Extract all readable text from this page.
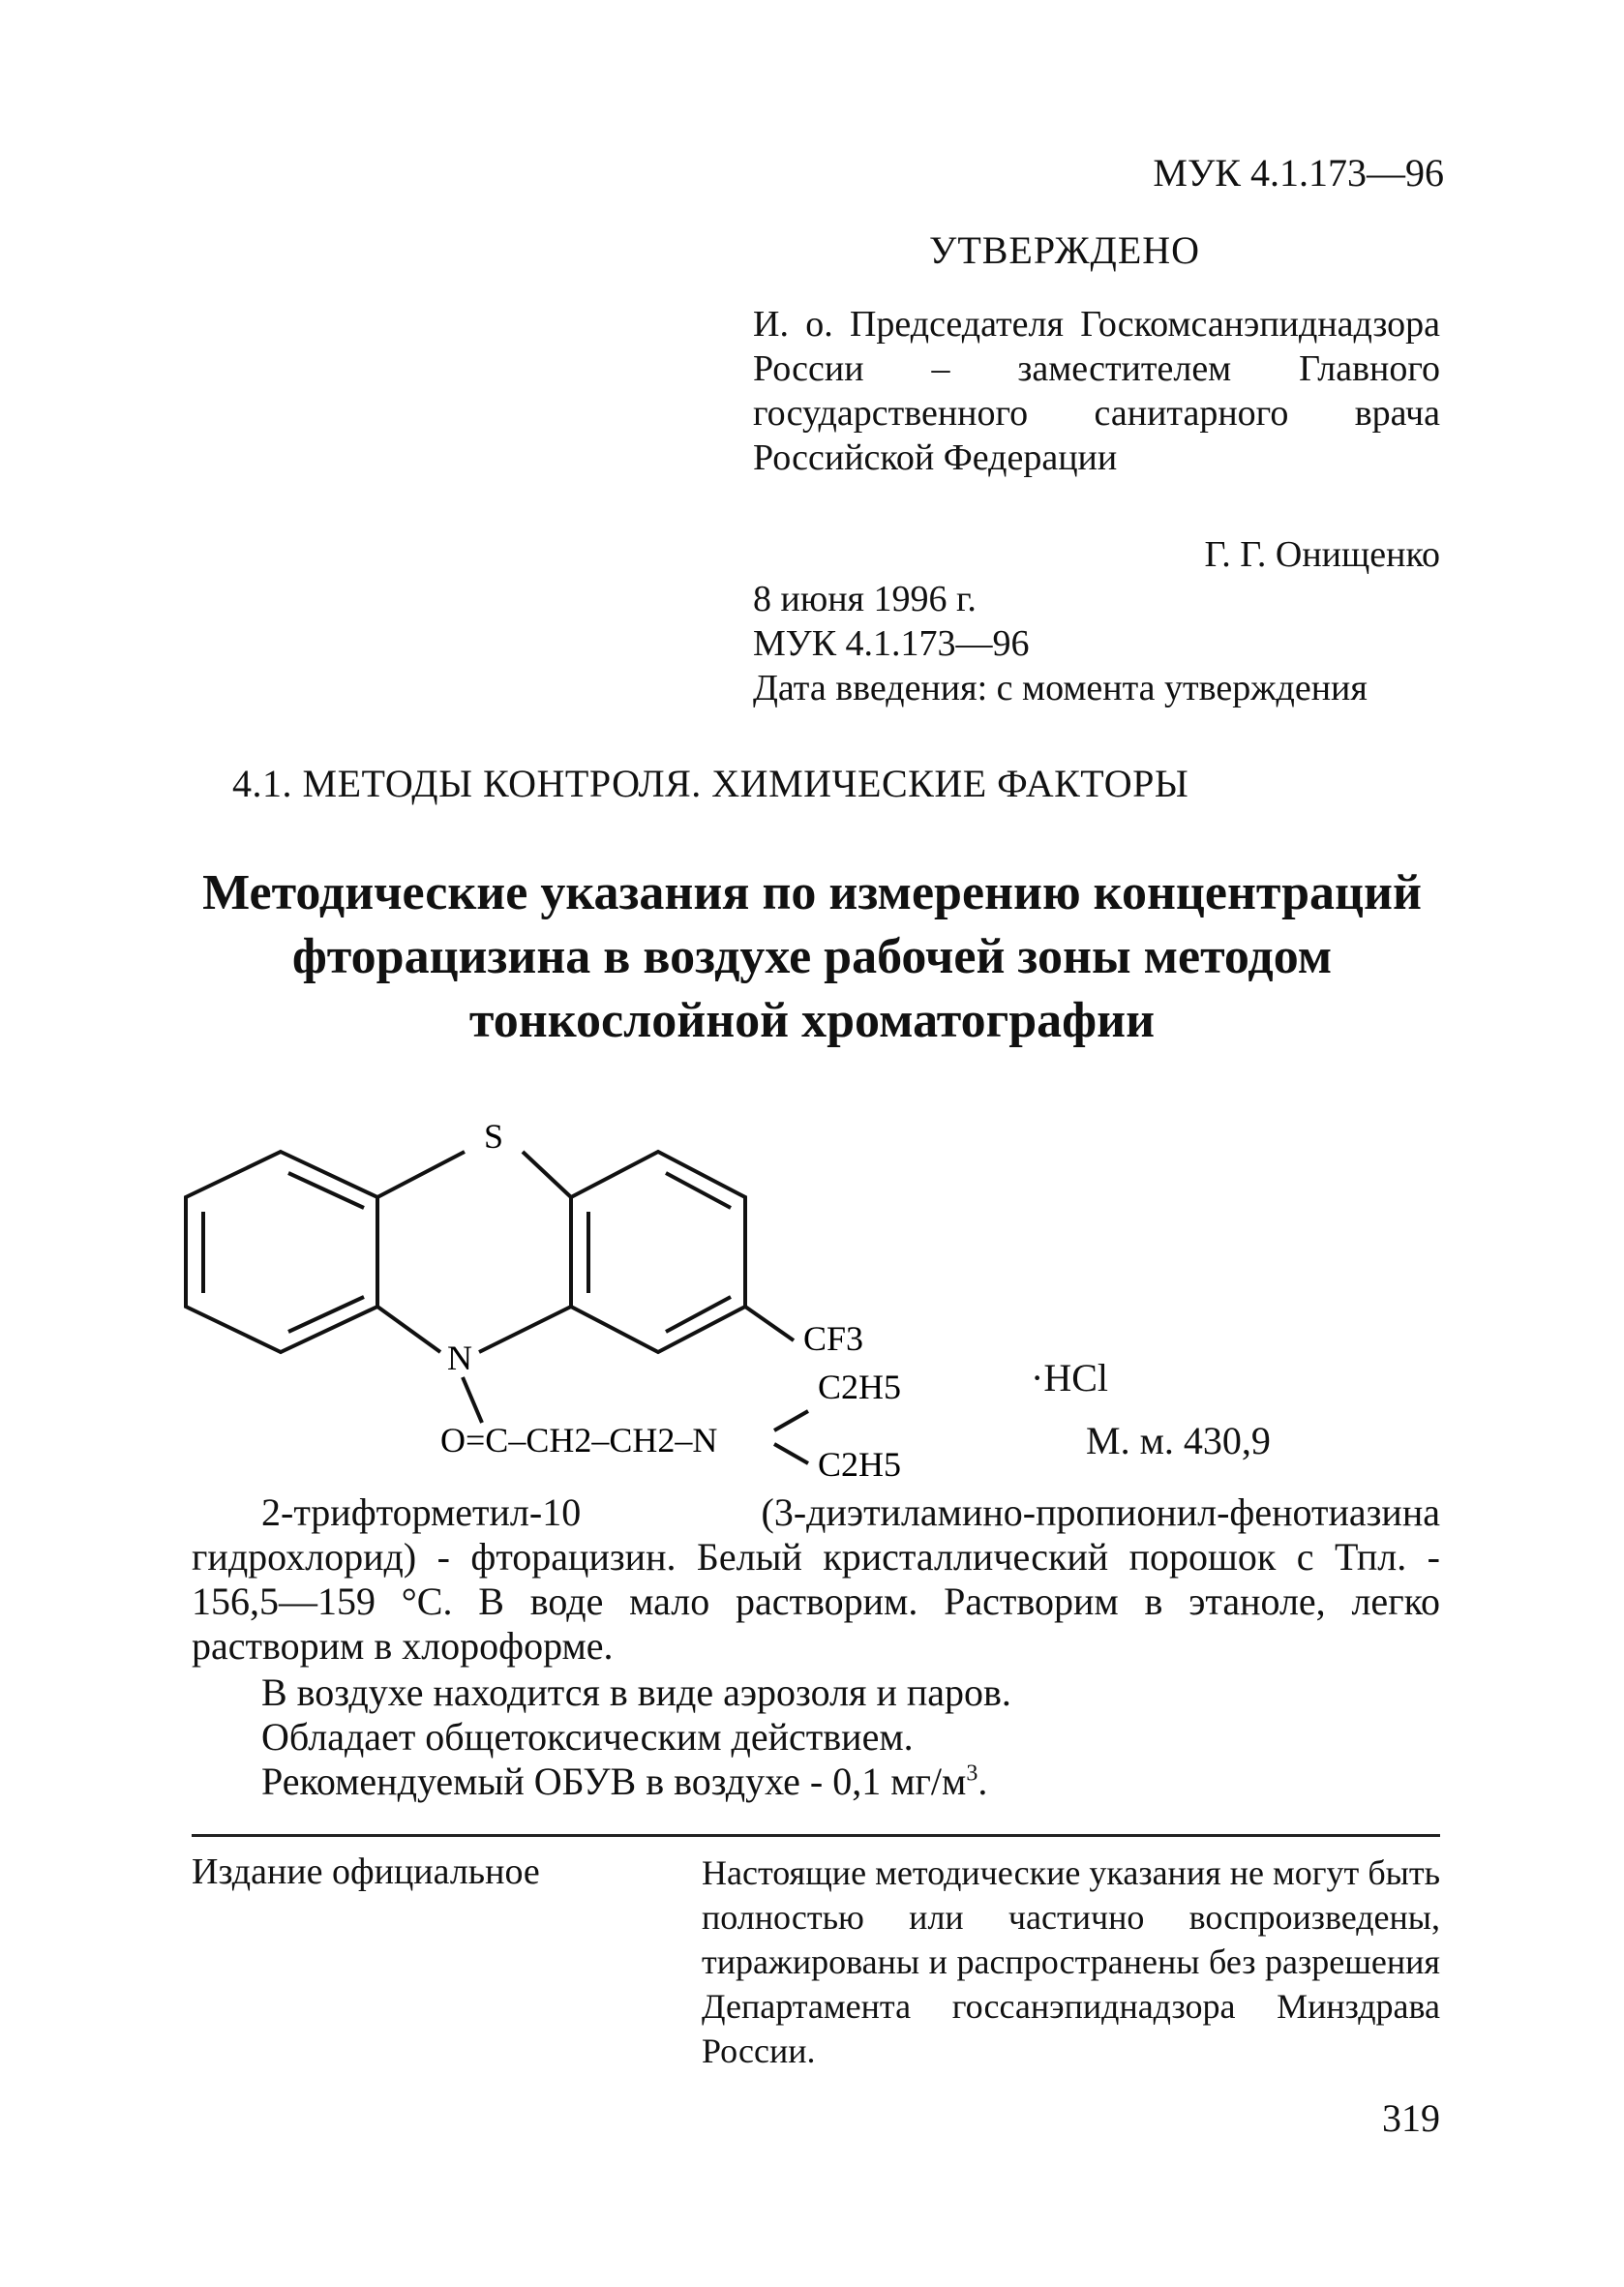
МУК 4.1.173—96
УТВЕРЖДЕНО
И. о. Председателя Госкомсанэпиднадзора России – заместителем Главного государственного санитарного врача Российской Федерации
Г. Г. Онищенко
8 июня 1996 г.
МУК 4.1.173—96
Дата введения: с момента утверждения
4.1. МЕТОДЫ КОНТРОЛЯ. ХИМИЧЕСКИЕ ФАКТОРЫ
Методические указания по измерению концентраций фторацизина в воздухе рабочей зоны методом тонкослойной хроматографии
S
N	CF3
O=C–CH2–CH2–N
C2H5
C2H5
·HCl
М. м. 430,9
2-трифторметил-10 (3-диэтиламино-пропионил-фенотиазина гидрохлорид) - фторацизин. Белый кристаллический порошок с Тпл. - 156,5—159 °С. В воде мало растворим. Растворим в этаноле, легко растворим в хлороформе.
В воздухе находится в виде аэрозоля и паров.
Обладает общетоксическим действием.
Рекомендуемый ОБУВ в воздухе - 0,1 $мг/м^3$.
Издание официальное	Настоящие методические указания не могут быть полностью или частично воспроизведены, тиражированы и распространены без разрешения Департамента госсанэпиднадзора Минздрава России.
319
